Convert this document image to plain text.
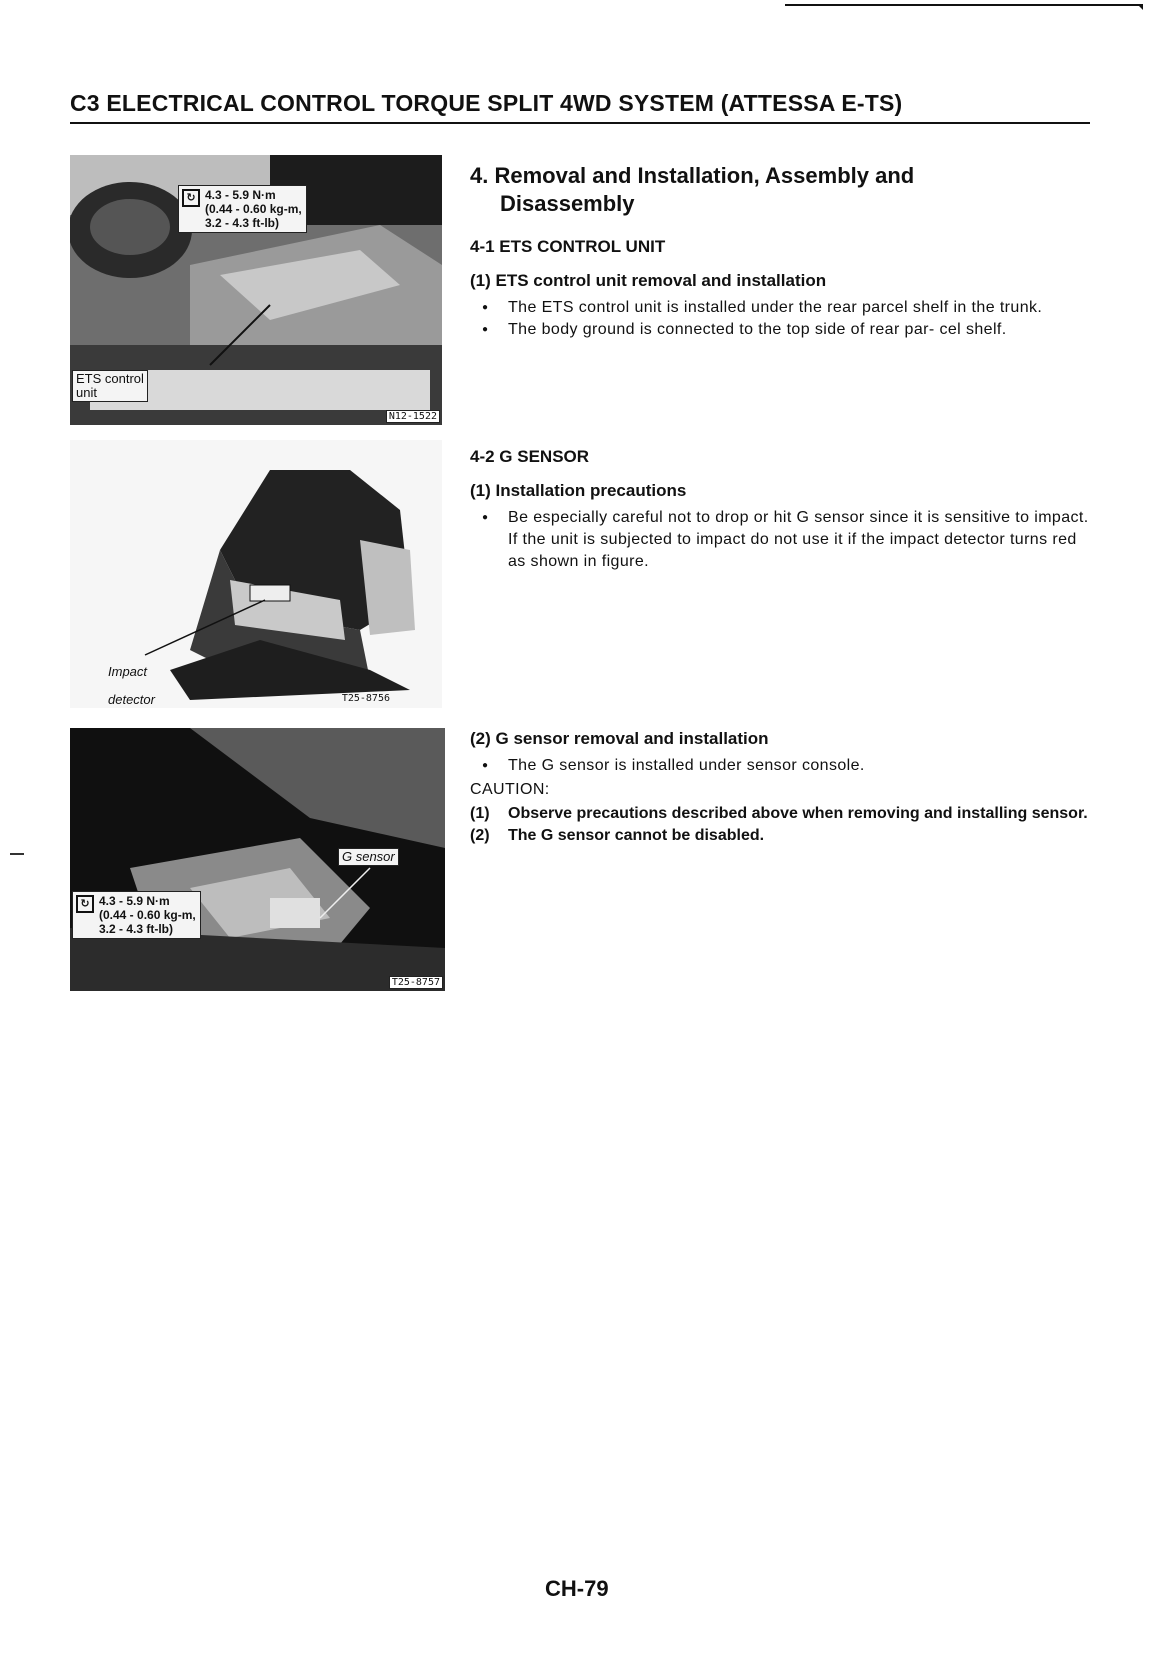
C3 ELECTRICAL CONTROL TORQUE SPLIT 4WD SYSTEM (ATTESSA E-TS)
↻ 4.3 - 5.9 N·m
(0.44 - 0.60 kg-m,
3.2 - 4.3 ft-lb)
ETS control
unit
N12-1522

Impact

detector	T25-8756
G sensor
↻ 4.3 - 5.9 N·m
(0.44 - 0.60 kg-m,
3.2 - 4.3 ft-lb)
T25-8757
4. Removal and Installation, Assembly and
Disassembly
4-1 ETS CONTROL UNIT
(1) ETS control unit removal and installation
● The ETS control unit is installed under the rear parcel shelf in the trunk.
● The body ground is connected to the top side of rear par- cel shelf.
4-2 G SENSOR
(1) Installation precautions
● Be especially careful not to drop or hit G sensor since it is sensitive to impact. If the unit is subjected to impact do not use it if the impact detector turns red as shown in figure.
(2) G sensor removal and installation
● The G sensor is installed under sensor console.
CAUTION:
(1) Observe precautions described above when removing and installing sensor.
(2) The G sensor cannot be disabled.
CH-79
